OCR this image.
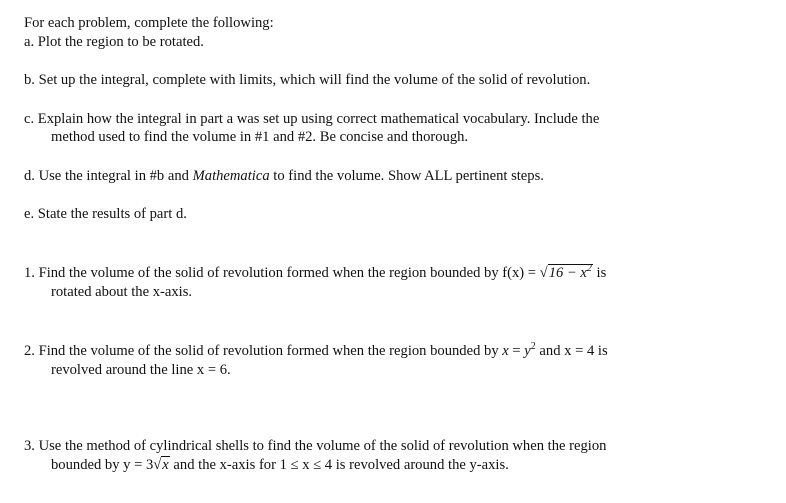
For each problem, complete the following:
a. Plot the region to be rotated.
b. Set up the integral, complete with limits, which will find the volume of the solid of revolution.
c. Explain how the integral in part a was set up using correct mathematical vocabulary. Include the
method used to find the volume in #1 and #2. Be concise and thorough.
d. Use the integral in #b and Mathematica to find the volume. Show ALL pertinent steps.
e. State the results of part d.
1. Find the volume of the solid of revolution formed when the region bounded by $f(x) = √16 - x^2$ is
rotated about the x-axis.
2. Find the volume of the solid of revolution formed when the region bounded by $x = y^2$ and x = 4 is
revolved around the line x = 6.
3. Use the method of cylindrical shells to find the volume of the solid of revolution when the region
bounded by y = 3√x and the x-axis for 1 ≤ x ≤ 4 is revolved around the y-axis.
